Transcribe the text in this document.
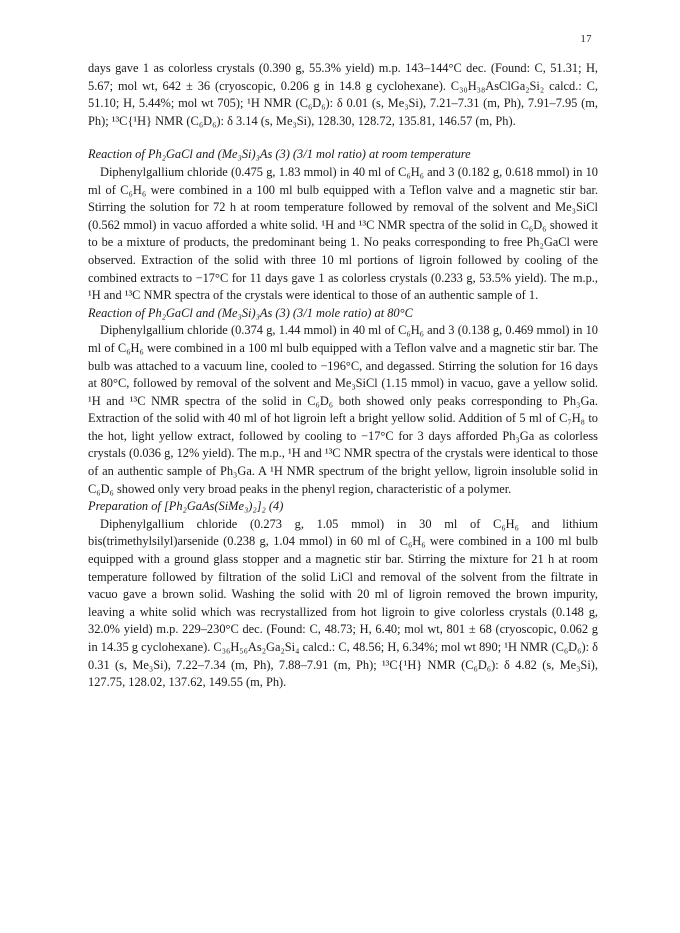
17

days gave 1 as colorless crystals (0.390 g, 55.3% yield) m.p. 143–144°C dec. (Found: C, 51.31; H, 5.67; mol wt, 642 ± 36 (cryoscopic, 0.206 g in 14.8 g cyclohexane). C₃₀H₃₈AsClGa₂Si₂ calcd.: C, 51.10; H, 5.44%; mol wt 705); ¹H NMR (C₆D₆): δ 0.01 (s, Me₃Si), 7.21–7.31 (m, Ph), 7.91–7.95 (m, Ph); ¹³C{¹H} NMR (C₆D₆): δ 3.14 (s, Me₃Si), 128.30, 128.72, 135.81, 146.57 (m, Ph).

Reaction of Ph₂GaCl and (Me₃Si)₃As (3) (3/1 mol ratio) at room temperature

Diphenylgallium chloride (0.475 g, 1.83 mmol) in 40 ml of C₆H₆ and 3 (0.182 g, 0.618 mmol) in 10 ml of C₆H₆ were combined in a 100 ml bulb equipped with a Teflon valve and a magnetic stir bar. Stirring the solution for 72 h at room temperature followed by removal of the solvent and Me₃SiCl (0.562 mmol) in vacuo afforded a white solid. ¹H and ¹³C NMR spectra of the solid in C₆D₆ showed it to be a mixture of products, the predominant being 1. No peaks corresponding to free Ph₂GaCl were observed. Extraction of the solid with three 10 ml portions of ligroin followed by cooling of the combined extracts to −17°C for 11 days gave 1 as colorless crystals (0.233 g, 53.5% yield). The m.p., ¹H and ¹³C NMR spectra of the crystals were identical to those of an authentic sample of 1.

Reaction of Ph₂GaCl and (Me₃Si)₃As (3) (3/1 mole ratio) at 80°C

Diphenylgallium chloride (0.374 g, 1.44 mmol) in 40 ml of C₆H₆ and 3 (0.138 g, 0.469 mmol) in 10 ml of C₆H₆ were combined in a 100 ml bulb equipped with a Teflon valve and a magnetic stir bar. The bulb was attached to a vacuum line, cooled to −196°C, and degassed. Stirring the solution for 16 days at 80°C, followed by removal of the solvent and Me₃SiCl (1.15 mmol) in vacuo, gave a yellow solid. ¹H and ¹³C NMR spectra of the solid in C₆D₆ both showed only peaks corresponding to Ph₃Ga. Extraction of the solid with 40 ml of hot ligroin left a bright yellow solid. Addition of 5 ml of C₇H₈ to the hot, light yellow extract, followed by cooling to −17°C for 3 days afforded Ph₃Ga as colorless crystals (0.036 g, 12% yield). The m.p., ¹H and ¹³C NMR spectra of the crystals were identical to those of an authentic sample of Ph₃Ga. A ¹H NMR spectrum of the bright yellow, ligroin insoluble solid in C₆D₆ showed only very broad peaks in the phenyl region, characteristic of a polymer.

Preparation of [Ph₂GaAs(SiMe₃)₂]₂ (4)

Diphenylgallium chloride (0.273 g, 1.05 mmol) in 30 ml of C₆H₆ and lithium bis(trimethylsilyl)arsenide (0.238 g, 1.04 mmol) in 60 ml of C₆H₆ were combined in a 100 ml bulb equipped with a ground glass stopper and a magnetic stir bar. Stirring the mixture for 21 h at room temperature followed by filtration of the solid LiCl and removal of the solvent from the filtrate in vacuo gave a brown solid. Washing the solid with 20 ml of ligroin removed the brown impurity, leaving a white solid which was recrystallized from hot ligroin to give colorless crystals (0.148 g, 32.0% yield) m.p. 229–230°C dec. (Found: C, 48.73; H, 6.40; mol wt, 801 ± 68 (cryoscopic, 0.062 g in 14.35 g cyclohexane). C₃₆H₅₆As₂Ga₂Si₄ calcd.: C, 48.56; H, 6.34%; mol wt 890; ¹H NMR (C₆D₆): δ 0.31 (s, Me₃Si), 7.22–7.34 (m, Ph), 7.88–7.91 (m, Ph); ¹³C{¹H} NMR (C₆D₆): δ 4.82 (s, Me₃Si), 127.75, 128.02, 137.62, 149.55 (m, Ph).
